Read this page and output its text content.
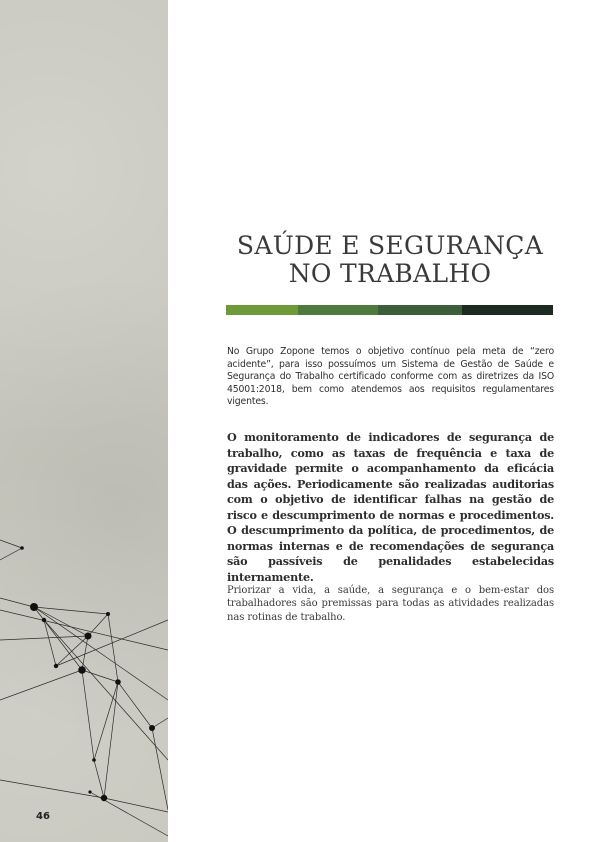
46
SAÚDE E SEGURANÇA
NO TRABALHO

No Grupo Zopone temos o objetivo contínuo pela meta de “zero acidente”, para isso possuímos um Sistema de Gestão de Saúde e Segurança do Trabalho certificado conforme com as diretrizes da ISO 45001:2018, bem como atendemos aos requisitos regulamentares vigentes.

O monitoramento de indicadores de segurança de trabalho, como as taxas de frequência e taxa de gravidade permite o acompanhamento da eficácia das ações. Periodicamente são realizadas auditorias com o objetivo de identificar falhas na gestão de risco e descumprimento de normas e procedimentos. O descumprimento da política, de procedimentos, de normas internas e de recomendações de segurança são passíveis de penalidades estabelecidas internamente.

Priorizar a vida, a saúde, a segurança e o bem-estar dos trabalhadores são premissas para todas as atividades realizadas nas rotinas de trabalho.
